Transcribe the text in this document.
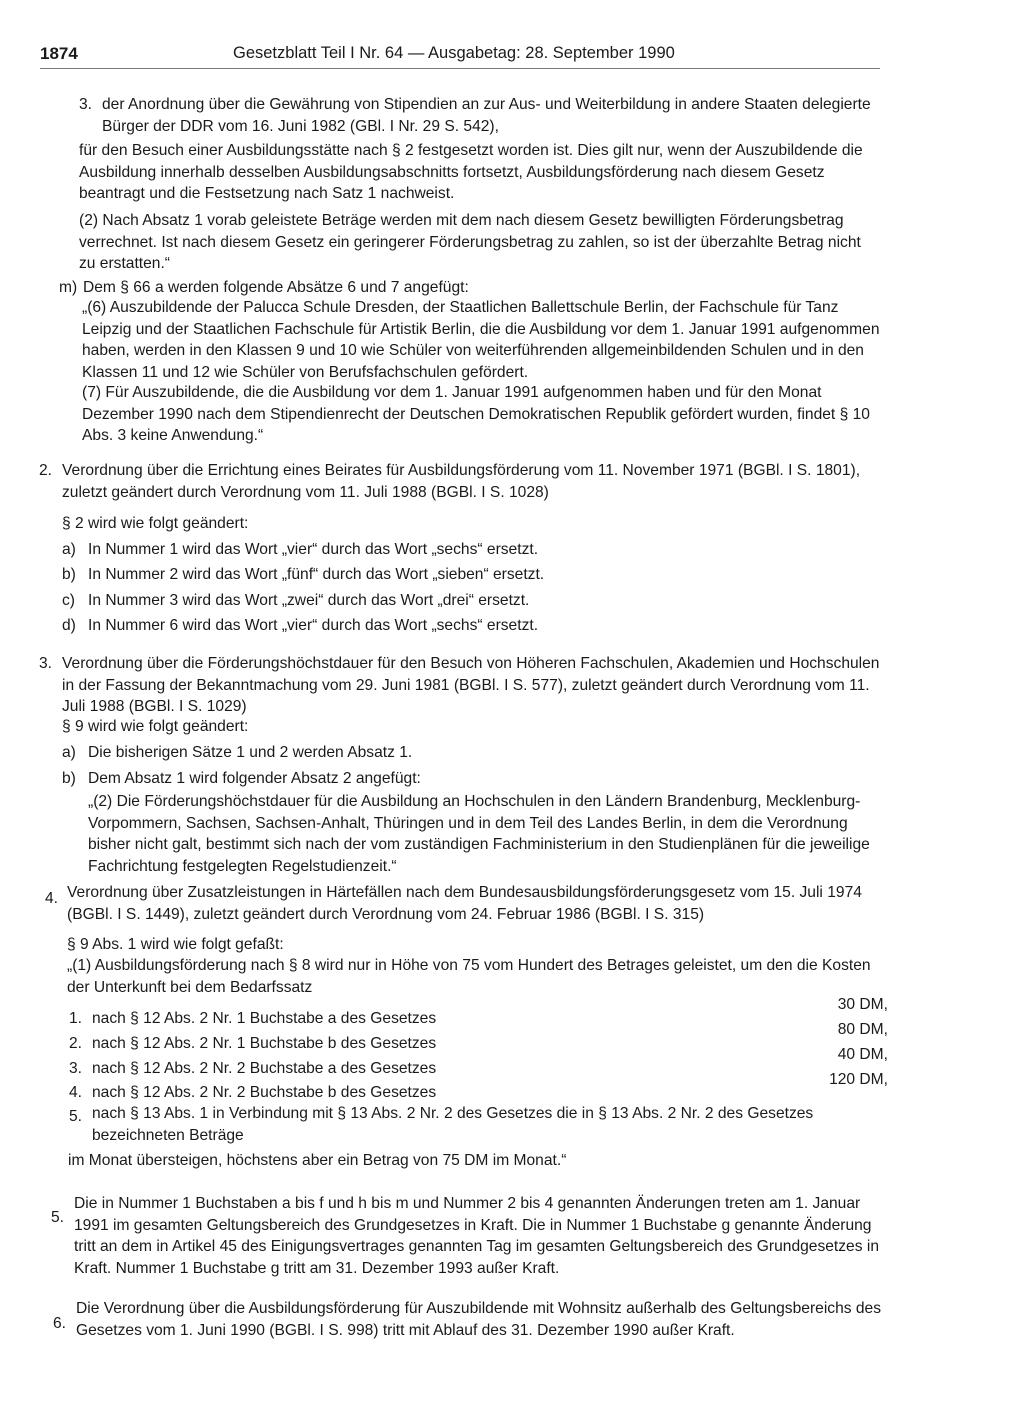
1874	Gesetzblatt Teil I Nr. 64 — Ausgabetag: 28. September 1990
3. der Anordnung über die Gewährung von Stipendien an zur Aus- und Weiterbildung in andere Staaten delegierte Bürger der DDR vom 16. Juni 1982 (GBl. I Nr. 29 S. 542),

für den Besuch einer Ausbildungsstätte nach § 2 festgesetzt worden ist. Dies gilt nur, wenn der Auszubildende die Ausbildung innerhalb desselben Ausbildungsabschnitts fortsetzt, Ausbildungsförderung nach diesem Gesetz beantragt und die Festsetzung nach Satz 1 nachweist.

(2) Nach Absatz 1 vorab geleistete Beträge werden mit dem nach diesem Gesetz bewilligten Förderungsbetrag verrechnet. Ist nach diesem Gesetz ein geringerer Förderungsbetrag zu zahlen, so ist der überzahlte Betrag nicht zu erstatten.“

m) Dem § 66 a werden folgende Absätze 6 und 7 angefügt:

„(6) Auszubildende der Palucca Schule Dresden, der Staatlichen Ballettschule Berlin, der Fachschule für Tanz Leipzig und der Staatlichen Fachschule für Artistik Berlin, die die Ausbildung vor dem 1. Januar 1991 aufgenommen haben, werden in den Klassen 9 und 10 wie Schüler von weiterführenden allgemeinbildenden Schulen und in den Klassen 11 und 12 wie Schüler von Berufsfachschulen gefördert.

(7) Für Auszubildende, die die Ausbildung vor dem 1. Januar 1991 aufgenommen haben und für den Monat Dezember 1990 nach dem Stipendienrecht der Deutschen Demokratischen Republik gefördert wurden, findet § 10 Abs. 3 keine Anwendung.“

2. Verordnung über die Errichtung eines Beirates für Ausbildungsförderung vom 11. November 1971 (BGBl. I S. 1801), zuletzt geändert durch Verordnung vom 11. Juli 1988 (BGBl. I S. 1028)

§ 2 wird wie folgt geändert:

a) In Nummer 1 wird das Wort „vier“ durch das Wort „sechs“ ersetzt.

b) In Nummer 2 wird das Wort „fünf“ durch das Wort „sieben“ ersetzt.

c) In Nummer 3 wird das Wort „zwei“ durch das Wort „drei“ ersetzt.

d) In Nummer 6 wird das Wort „vier“ durch das Wort „sechs“ ersetzt.

3. Verordnung über die Förderungshöchstdauer für den Besuch von Höheren Fachschulen, Akademien und Hochschulen in der Fassung der Bekanntmachung vom 29. Juni 1981 (BGBl. I S. 577), zuletzt geändert durch Verordnung vom 11. Juli 1988 (BGBl. I S. 1029)

§ 9 wird wie folgt geändert:

a) Die bisherigen Sätze 1 und 2 werden Absatz 1.

b) Dem Absatz 1 wird folgender Absatz 2 angefügt:

„(2) Die Förderungshöchstdauer für die Ausbildung an Hochschulen in den Ländern Brandenburg, Mecklenburg-Vorpommern, Sachsen, Sachsen-Anhalt, Thüringen und in dem Teil des Landes Berlin, in dem die Verordnung bisher nicht galt, bestimmt sich nach der vom zuständigen Fachministerium in den Studienplänen für die jeweilige Fachrichtung festgelegten Regelstudienzeit.“

4. Verordnung über Zusatzleistungen in Härtefällen nach dem Bundesausbildungsförderungsgesetz vom 15. Juli 1974 (BGBl. I S. 1449), zuletzt geändert durch Verordnung vom 24. Februar 1986 (BGBl. I S. 315)

§ 9 Abs. 1 wird wie folgt gefaßt:

„(1) Ausbildungsförderung nach § 8 wird nur in Höhe von 75 vom Hundert des Betrages geleistet, um den die Kosten der Unterkunft bei dem Bedarfssatz

1. nach § 12 Abs. 2 Nr. 1 Buchstabe a des Gesetzes
30 DM,
2. nach § 12 Abs. 2 Nr. 1 Buchstabe b des Gesetzes
80 DM,
3. nach § 12 Abs. 2 Nr. 2 Buchstabe a des Gesetzes
40 DM,
4. nach § 12 Abs. 2 Nr. 2 Buchstabe b des Gesetzes
120 DM,
5. nach § 13 Abs. 1 in Verbindung mit § 13 Abs. 2 Nr. 2 des Gesetzes die in § 13 Abs. 2 Nr. 2 des Gesetzes bezeichneten Beträge

im Monat übersteigen, höchstens aber ein Betrag von 75 DM im Monat.“

5.

Die in Nummer 1 Buchstaben a bis f und h bis m und Nummer 2 bis 4 genannten Änderungen treten am 1. Januar 1991 im gesamten Geltungsbereich des Grundgesetzes in Kraft. Die in Nummer 1 Buchstabe g genannte Änderung tritt an dem in Artikel 45 des Einigungsvertrages genannten Tag im gesamten Geltungsbereich des Grundgesetzes in Kraft. Nummer 1 Buchstabe g tritt am 31. Dezember 1993 außer Kraft.

6.

Die Verordnung über die Ausbildungsförderung für Auszubildende mit Wohnsitz außerhalb des Geltungsbereichs des Gesetzes vom 1. Juni 1990 (BGBl. I S. 998) tritt mit Ablauf des 31. Dezember 1990 außer Kraft.
